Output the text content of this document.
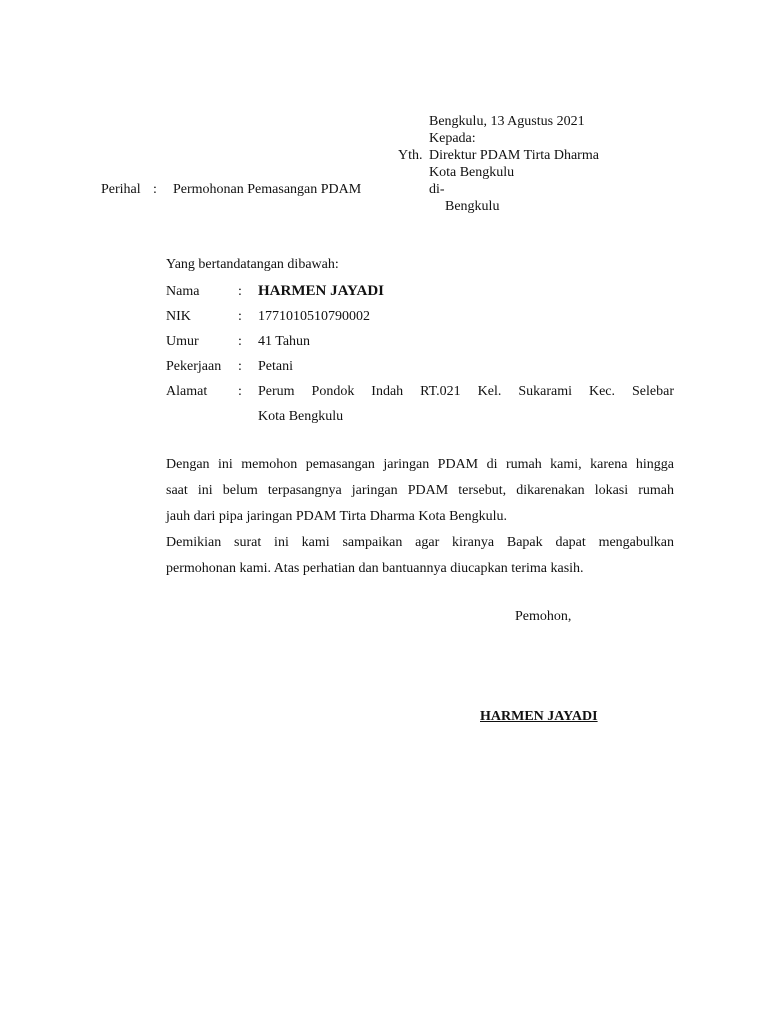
Bengkulu, 13 Agustus 2021
Kepada:
Yth. Direktur PDAM Tirta Dharma
Kota Bengkulu
di-
Bengkulu
Perihal : Permohonan Pemasangan PDAM
Yang bertandatangan dibawah:
Nama	:	HARMEN JAYADI
NIK	:	1771010510790002
Umur	:	41 Tahun
Pekerjaan	:	Petani
Alamat	:	Perum Pondok Indah RT.021 Kel. Sukarami Kec. Selebar
		Kota Bengkulu
Dengan ini memohon pemasangan jaringan PDAM di rumah kami, karena hingga
saat ini belum terpasangnya jaringan PDAM tersebut, dikarenakan lokasi rumah
jauh dari pipa jaringan PDAM Tirta Dharma Kota Bengkulu.
Demikian surat ini kami sampaikan agar kiranya Bapak dapat mengabulkan
permohonan kami. Atas perhatian dan bantuannya diucapkan terima kasih.
Pemohon,
HARMEN JAYADI
